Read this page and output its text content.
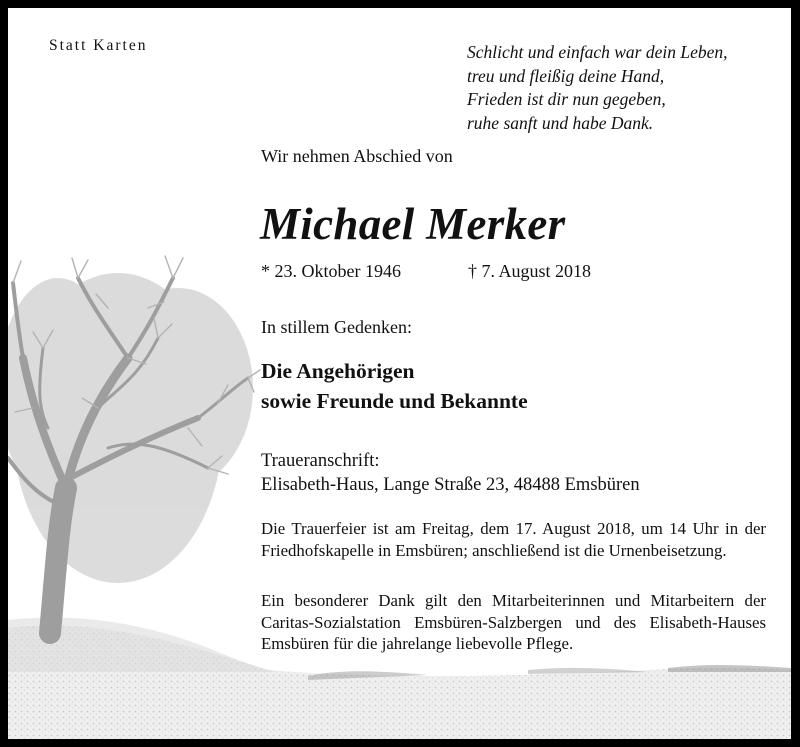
Statt Karten	Schlicht und einfach war dein Leben,
treu und fleißig deine Hand,
Frieden ist dir nun gegeben,
ruhe sanft und habe Dank.
Wir nehmen Abschied von
Michael Merker
* 23. Oktober 1946	† 7. August 2018
In stillem Gedenken:
Die Angehörigen
sowie Freunde und Bekannte
Traueranschrift:
Elisabeth-Haus, Lange Straße 23, 48488 Emsbüren
Die Trauerfeier ist am Freitag, dem 17. August 2018, um 14 Uhr in der Friedhofskapelle in Emsbüren; anschließend ist die Urnenbeisetzung.
Ein besonderer Dank gilt den Mitarbeiterinnen und Mitarbeitern der Caritas-Sozialstation Emsbüren-Salzbergen und des Elisabeth-Hauses Emsbüren für die jahrelange liebevolle Pflege.
